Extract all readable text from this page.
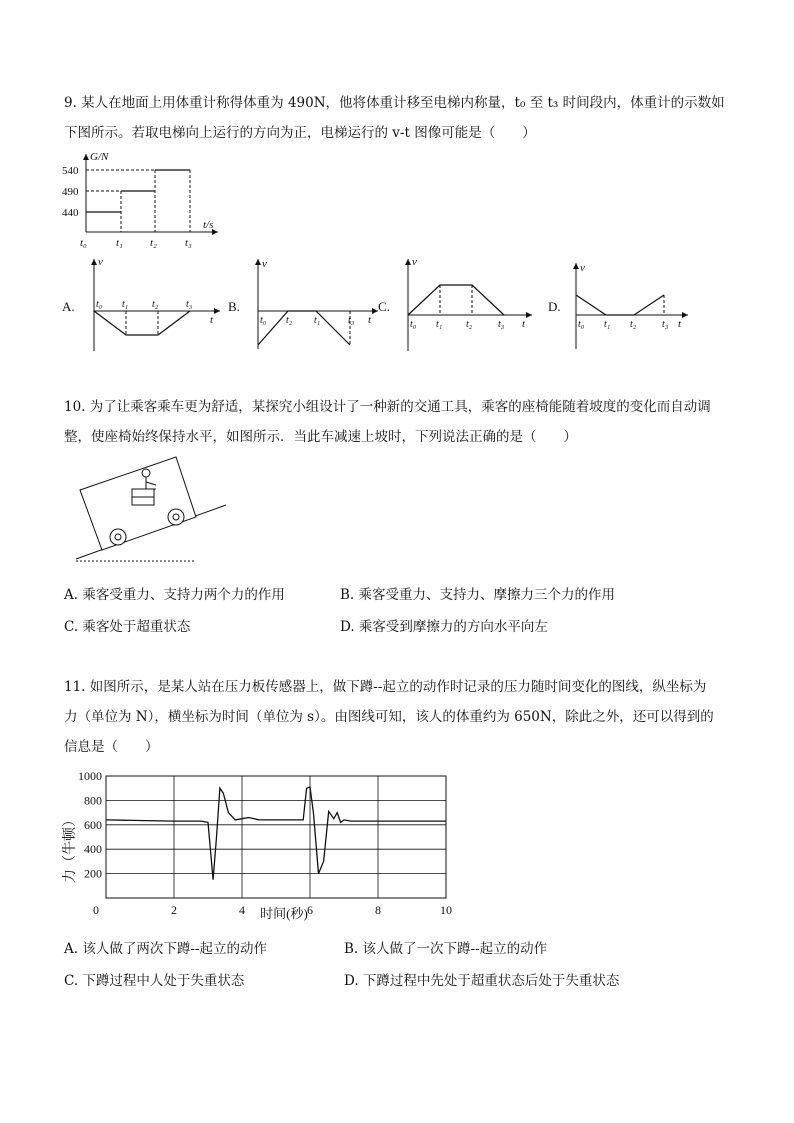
9. 某人在地面上用体重计称得体重为 490N，他将体重计移至电梯内称量，t₀ 至 t₃ 时间段内，体重计的示数如
下图所示。若取电梯向上运行的方向为正，电梯运行的 v-t 图像可能是（　　）
G/N
t/s
540
490
440
t₀	t₁ t₂	t₃
A.
v
t
t₀ t₁ t₂	t₃	B.
v
t
t₀ t₂ t₁	t₃
C.
v
t
t₀ t₁ t₂	t₃
D.
v
t
t₀ t₁ t₂	t₃
10. 为了让乘客乘车更为舒适，某探究小组设计了一种新的交通工具，乘客的座椅能随着坡度的变化而自动调
整，使座椅始终保持水平，如图所示．当此车减速上坡时，下列说法正确的是（　　）
A. 乘客受重力、支持力两个力的作用	B. 乘客受重力、支持力、摩擦力三个力的作用
C. 乘客处于超重状态	D. 乘客受到摩擦力的方向水平向左
11. 如图所示，是某人站在压力板传感器上，做下蹲--起立的动作时记录的压力随时间变化的图线，纵坐标为
力（单位为 N），横坐标为时间（单位为 s）。由图线可知，该人的体重约为 650N，除此之外，还可以得到的
信息是（　　）
200
400
600
800
1000
0	2	4	6	8	10
力（牛顿）
时间(秒)
A. 该人做了两次下蹲--起立的动作	B. 该人做了一次下蹲--起立的动作
C. 下蹲过程中人处于失重状态	D. 下蹲过程中先处于超重状态后处于失重状态
